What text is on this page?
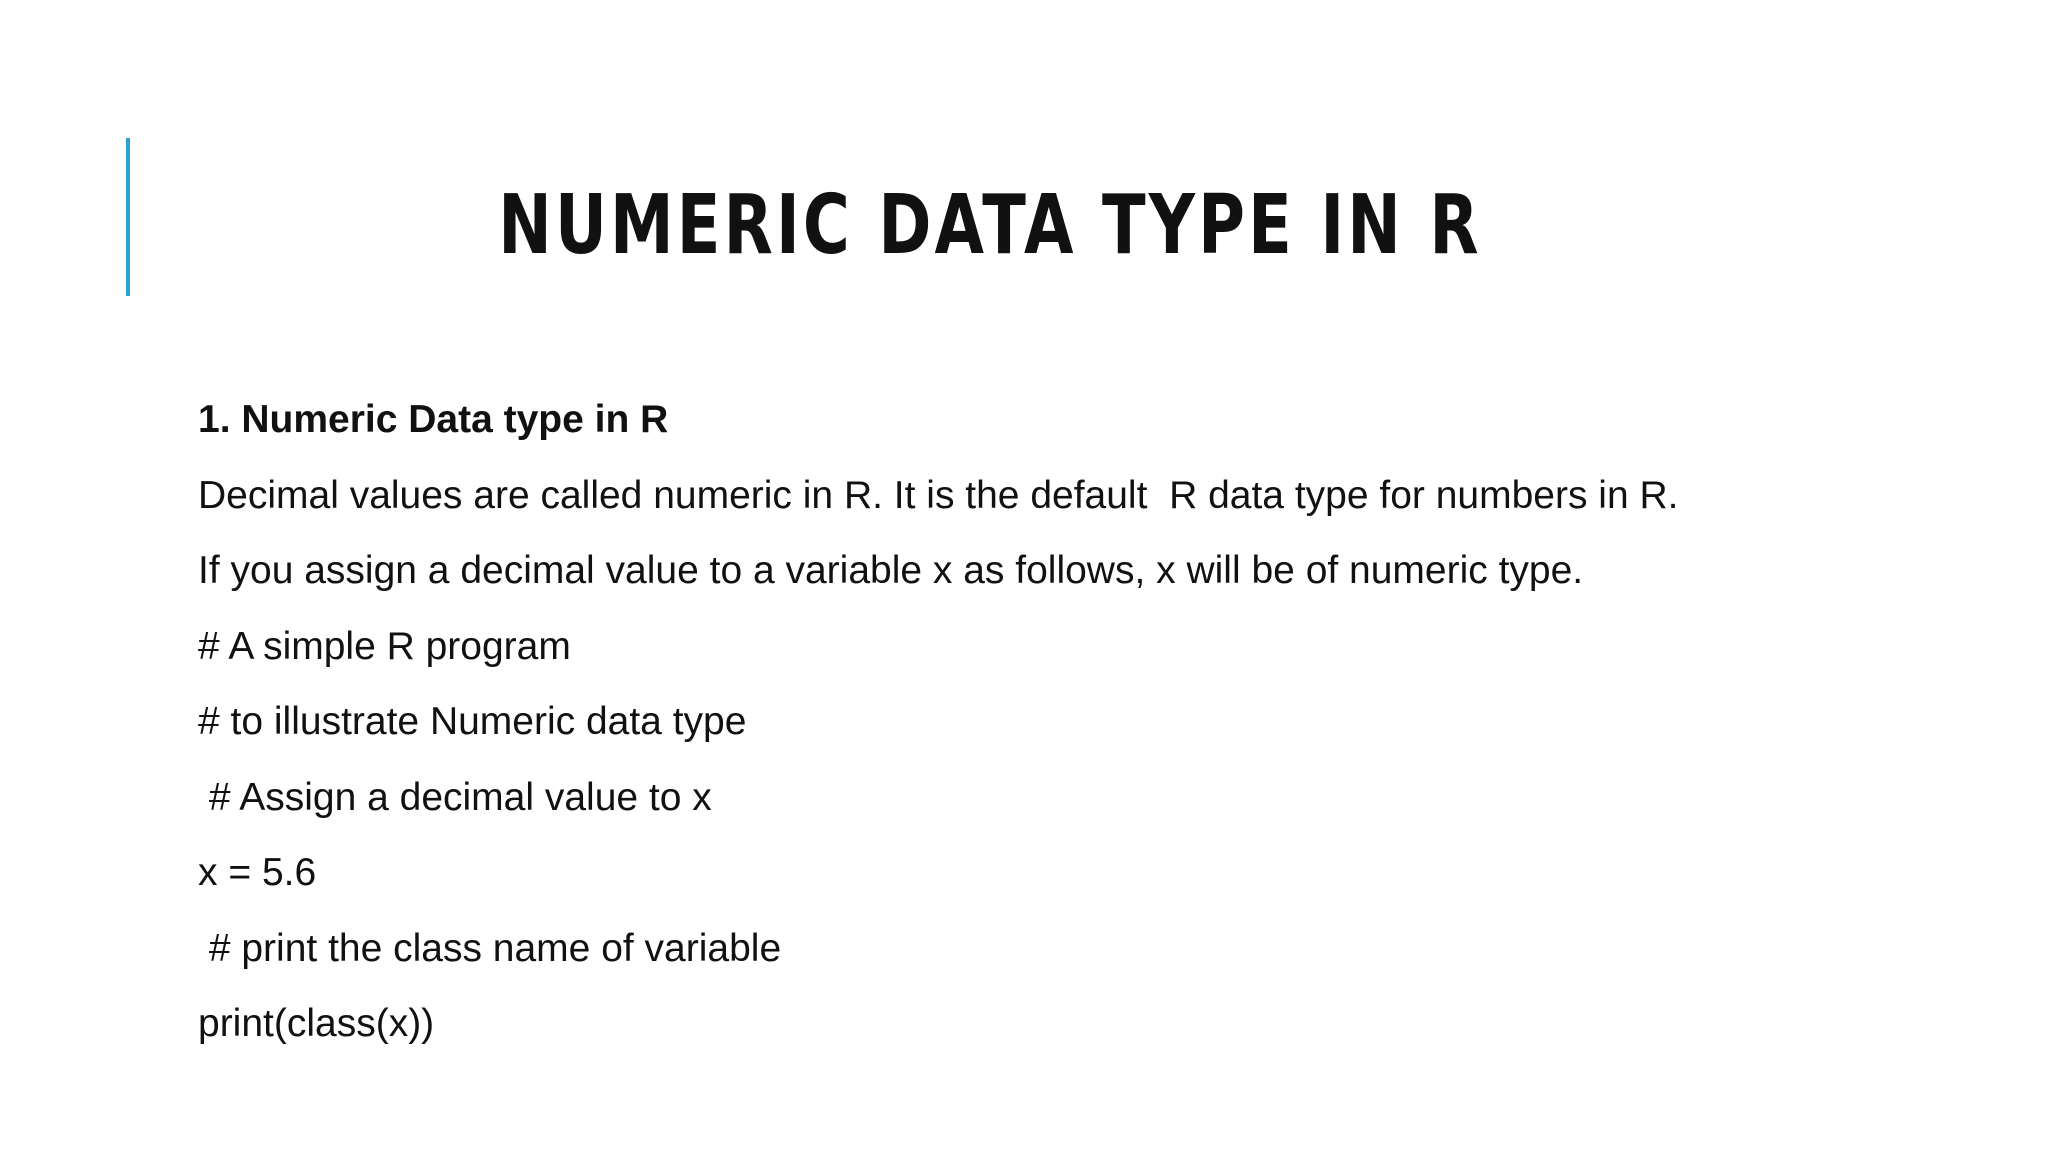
NUMERIC DATA TYPE IN R
1. Numeric Data type in R
Decimal values are called numeric in R. It is the default  R data type for numbers in R.
If you assign a decimal value to a variable x as follows, x will be of numeric type.
# A simple R program
# to illustrate Numeric data type
# Assign a decimal value to x
x = 5.6
# print the class name of variable
print(class(x))
